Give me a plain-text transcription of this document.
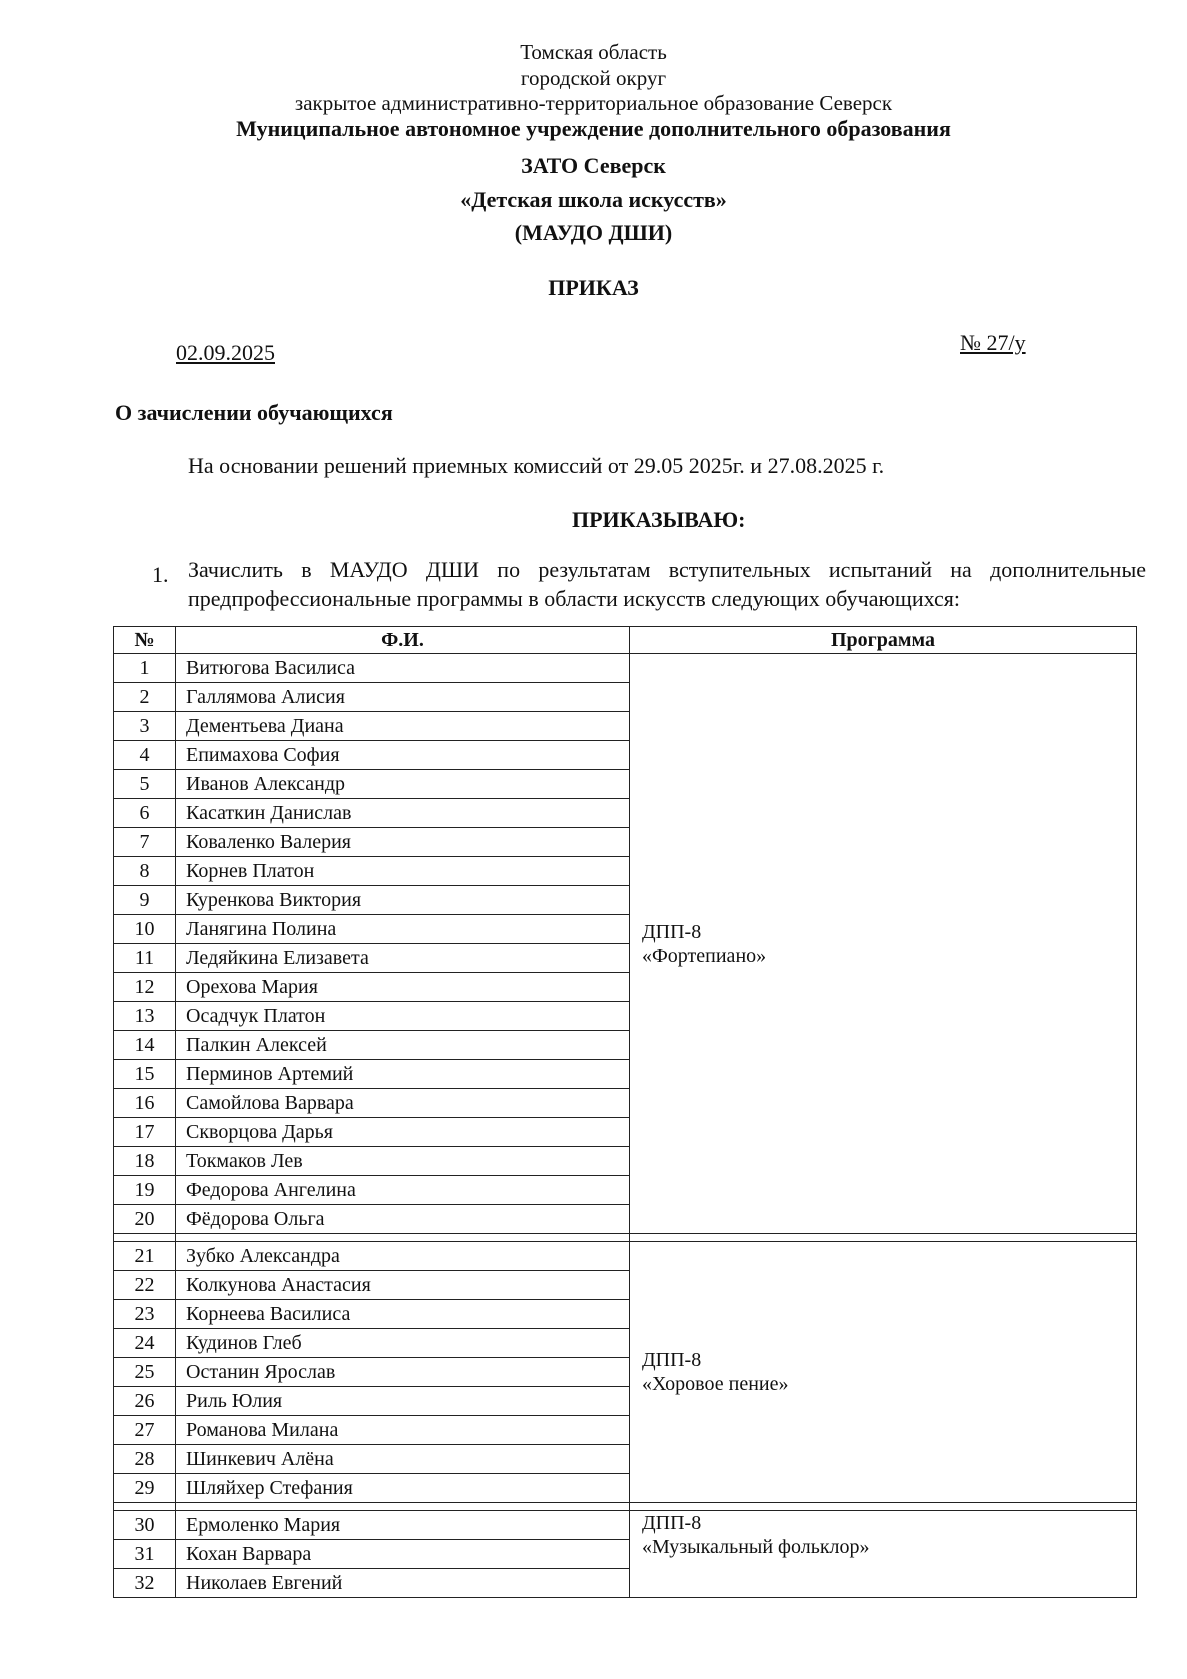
Томская область
городской округ
закрытое административно-территориальное образование Северск
Муниципальное автономное учреждение дополнительного образования
ЗАТО Северск
«Детская школа искусств»
(МАУДО ДШИ)
ПРИКАЗ
02.09.2025	№ 27/у
О зачислении обучающихся
На основании решений приемных комиссий от 29.05 2025г. и 27.08.2025 г.
ПРИКАЗЫВАЮ:
1. Зачислить в МАУДО ДШИ по результатам вступительных испытаний на дополнительные
предпрофессиональные программы в области искусств следующих обучающихся:
№	Ф.И.	Программа
1	Витюгова Василиса	ДПП-8
«Фортепиано»

2	Галлямова Алисия	
3	Дементьева Диана	
4	Епимахова София	
5	Иванов Александр	
6	Касаткин Данислав	
7	Коваленко Валерия	
8	Корнев Платон	
9	Куренкова Виктория	
10	Ланягина Полина	
11	Ледяйкина Елизавета	
12	Орехова Мария	
13	Осадчук Платон	
14	Палкин Алексей	
15	Перминов Артемий	
16	Самойлова Варвара	
17	Скворцова Дарья	
18	Токмаков Лев	
19	Федорова Ангелина	
20	Фёдорова Ольга	

21	Зубко Александра	ДПП-8
«Хоровое пение»

22	Колкунова Анастасия	
23	Корнеева Василиса	
24	Кудинов Глеб	
25	Останин Ярослав	
26	Риль Юлия	
27	Романова Милана	
28	Шинкевич Алёна	
29	Шляйхер Стефания	

30	Ермоленко Мария	ДПП-8
«Музыкальный фольклор»

31	Кохан Варвара	
32	Николаев Евгений	
